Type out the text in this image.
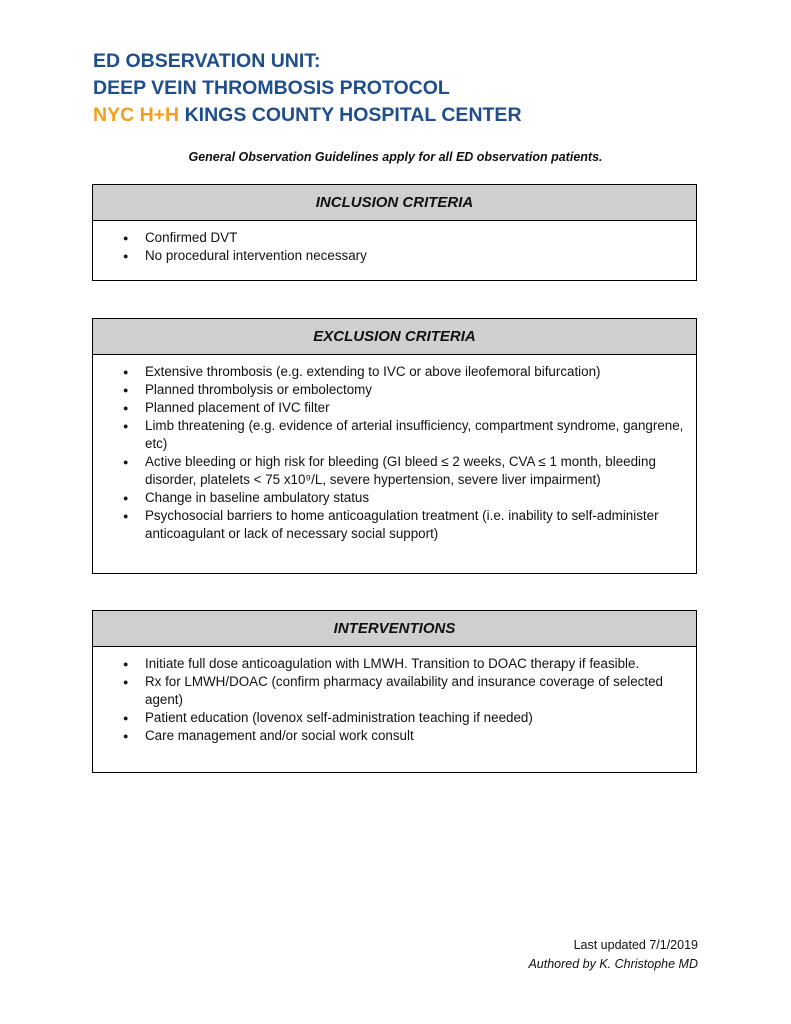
ED OBSERVATION UNIT:
DEEP VEIN THROMBOSIS PROTOCOL
NYC H+H KINGS COUNTY HOSPITAL CENTER
General Observation Guidelines apply for all ED observation patients.
INCLUSION CRITERIA
● Confirmed DVT
● No procedural intervention necessary
EXCLUSION CRITERIA
● Extensive thrombosis (e.g. extending to IVC or above ileofemoral bifurcation)
● Planned thrombolysis or embolectomy
● Planned placement of IVC filter
● Limb threatening (e.g. evidence of arterial insufficiency, compartment syndrome, gangrene, etc)
● Active bleeding or high risk for bleeding (GI bleed ≤ 2 weeks, CVA ≤ 1 month, bleeding disorder, platelets < 75 x10⁹/L, severe hypertension, severe liver impairment)
● Change in baseline ambulatory status
● Psychosocial barriers to home anticoagulation treatment (i.e. inability to self-administer anticoagulant or lack of necessary social support)
INTERVENTIONS
● Initiate full dose anticoagulation with LMWH. Transition to DOAC therapy if feasible.
● Rx for LMWH/DOAC (confirm pharmacy availability and insurance coverage of selected agent)
● Patient education (lovenox self-administration teaching if needed)
● Care management and/or social work consult
Last updated 7/1/2019
Authored by K. Christophe MD
